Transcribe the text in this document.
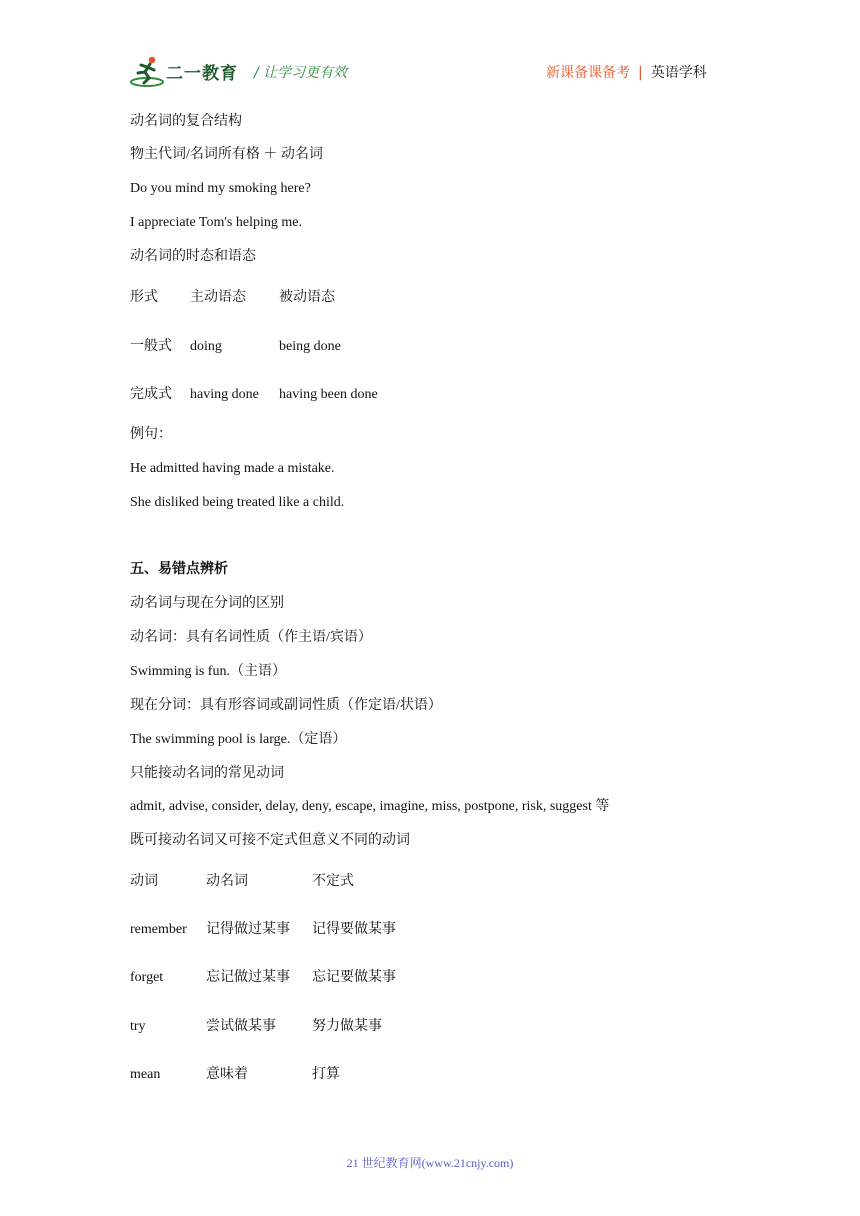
二一教育 / 让学习更有效	新课备课备考 | 英语学科
动名词的复合结构
物主代词/名词所有格 ＋ 动名词
Do you mind my smoking here?
I appreciate Tom's helping me.
动名词的时态和语态
形式 主动语态 被动语态
一般式 doing	being done
完成式 having done having been done
例句：
He admitted having made a mistake.
She disliked being treated like a child.
五、易错点辨析
动名词与现在分词的区别
动名词：具有名词性质（作主语/宾语）
Swimming is fun.（主语）
现在分词：具有形容词或副词性质（作定语/状语）
The swimming pool is large.（定语）
只能接动名词的常见动词
admit, advise, consider, delay, deny, escape, imagine, miss, postpone, risk, suggest 等
既可接动名词又可接不定式但意义不同的动词
动词	动名词	不定式
remember 记得做过某事 记得要做某事
forget	忘记做过某事 忘记要做某事
try	尝试做某事	努力做某事
mean	意味着	打算
21 世纪教育网(www.21cnjy.com)
